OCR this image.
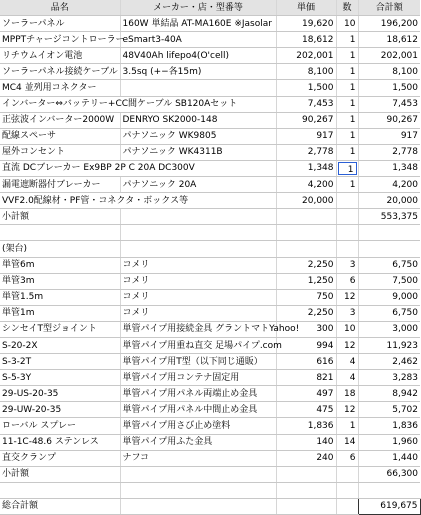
品名	メーカー・店・型番等	単価	数	合計額
ソーラーパネル	160W 単結晶 AT-MA160E ※Jasolar	19,620	10	196,200
MPPTチャージコントローラー	eSmart3-40A	18,612	1	18,612
リチウムイオン電池	48V40Ah lifepo4(O'cell)	202,001	1	202,001
ソーラーパネル接続ケーブル	3.5sq (+−各15m)	8,100	1	8,100
MC4 並列用コネクター		1,500	1	1,500
インバーター⇔バッテリー+CC間ケーブル SB120Aセット		7,453	1	7,453
正弦波インバーター2000W	DENRYO SK2000-148	90,267	1	90,267
配線スペーサ	パナソニック WK9805	917	1	917
屋外コンセント	パナソニック WK4311B	2,778	1	2,778
直流 DCブレーカー Ex9BP 2P C 20A DC300V		1,348	1	1,348
漏電遮断器付ブレーカー	パナソニック 20A	4,200	1	4,200
VVF2.0配線材・PF管・コネクタ・ボックス等		20,000		20,000
小計額				553,375

(架台)				
単管6m	コメリ	2,250	3	6,750
単管3m	コメリ	1,250	6	7,500
単管1.5m	コメリ	750	12	9,000
単管1m	コメリ	2,250	3	6,750
シンセイT型ジョイント	単管パイプ用接続金具 グラントマトYahoo!	300	10	3,000
S-20-2X	単管パイプ用重ね直交 足場パイプ.com	994	12	11,923
S-3-2T	単管パイプ用T型（以下同じ通販）	616	4	2,462
S-5-3Y	単管パイプ用コンテナ固定用	821	4	3,283
29-US-20-35	単管パイプ用パネル両端止め金具	497	18	8,942
29-UW-20-35	単管パイプ用パネル中間止め金具	475	12	5,702
ローバル スプレー	単管パイプ用さび止め塗料	1,836	1	1,836
11-1C-48.6 ステンレス	単管パイプ用ふた金具	140	14	1,960
直交クランプ	ナフコ	240	6	1,440
小計額				66,300

総合計額				619,675
